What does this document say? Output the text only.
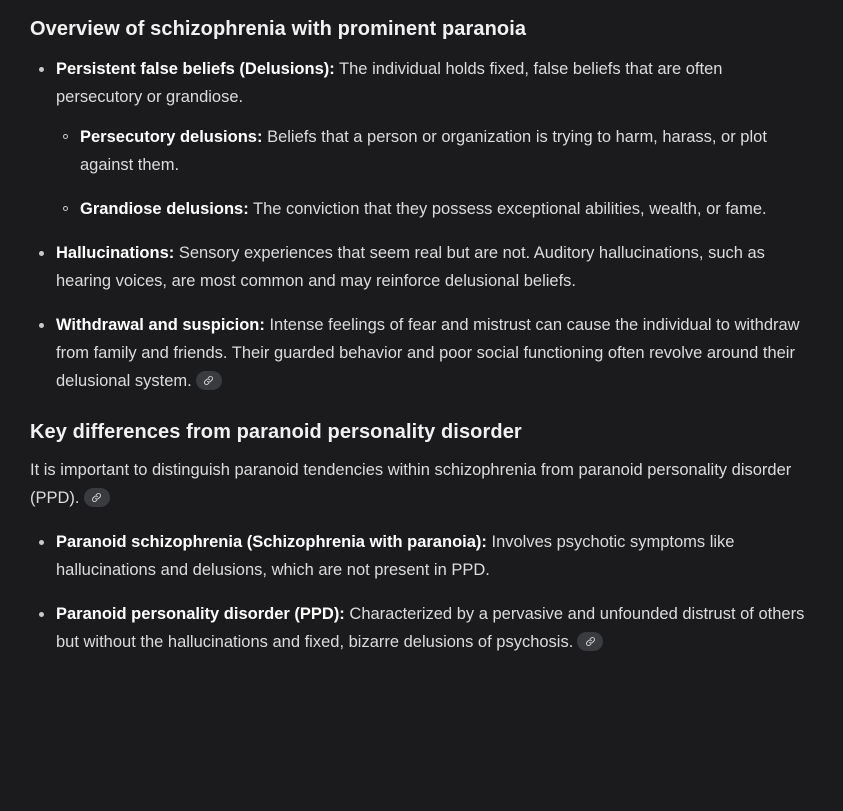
Overview of schizophrenia with prominent paranoia
Persistent false beliefs (Delusions): The individual holds fixed, false beliefs that are often persecutory or grandiose.
Persecutory delusions: Beliefs that a person or organization is trying to harm, harass, or plot against them.
Grandiose delusions: The conviction that they possess exceptional abilities, wealth, or fame.
Hallucinations: Sensory experiences that seem real but are not. Auditory hallucinations, such as hearing voices, are most common and may reinforce delusional beliefs.
Withdrawal and suspicion: Intense feelings of fear and mistrust can cause the individual to withdraw from family and friends. Their guarded behavior and poor social functioning often revolve around their delusional system.
Key differences from paranoid personality disorder

It is important to distinguish paranoid tendencies within schizophrenia from paranoid personality disorder (PPD).

Paranoid schizophrenia (Schizophrenia with paranoia): Involves psychotic symptoms like hallucinations and delusions, which are not present in PPD.
Paranoid personality disorder (PPD): Characterized by a pervasive and unfounded distrust of others but without the hallucinations and fixed, bizarre delusions of psychosis.
